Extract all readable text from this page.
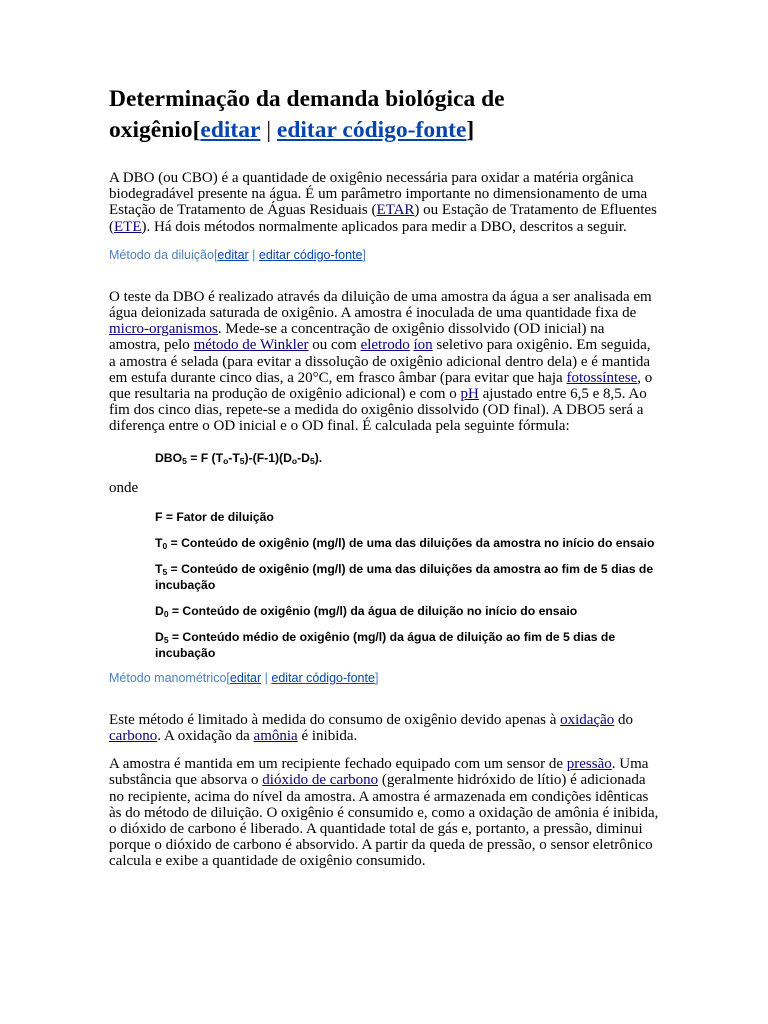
Determinação da demanda biológica de oxigênio[editar | editar código-fonte]

A DBO (ou CBO) é a quantidade de oxigênio necessária para oxidar a matéria orgânica biodegradável presente na água. É um parâmetro importante no dimensionamento de uma Estação de Tratamento de Águas Residuais (ETAR) ou Estação de Tratamento de Efluentes (ETE). Há dois métodos normalmente aplicados para medir a DBO, descritos a seguir.

Método da diluição[editar | editar código-fonte]

O teste da DBO é realizado através da diluição de uma amostra da água a ser analisada em água deionizada saturada de oxigênio. A amostra é inoculada de uma quantidade fixa de micro-organismos. Mede-se a concentração de oxigênio dissolvido (OD inicial) na amostra, pelo método de Winkler ou com eletrodo íon seletivo para oxigênio. Em seguida, a amostra é selada (para evitar a dissolução de oxigênio adicional dentro dela) e é mantida em estufa durante cinco dias, a 20°C, em frasco âmbar (para evitar que haja fotossíntese, o que resultaria na produção de oxigênio adicional) e com o pH ajustado entre 6,5 e 8,5. Ao fim dos cinco dias, repete-se a medida do oxigênio dissolvido (OD final). A DBO5 será a diferença entre o OD inicial e o OD final. É calculada pela seguinte fórmula:

$DBO_5 = F$ $(T_o-T_5)-(F-1)(D_o-D_5)$.

onde

F = Fator de diluição

$T_0$ = Conteúdo de oxigênio (mg/l) de uma das diluições da amostra no início do ensaio

$T_5$ = Conteúdo de oxigênio (mg/l) de uma das diluições da amostra ao fim de 5 dias de incubação

$D_0$ = Conteúdo de oxigênio (mg/l) da água de diluição no início do ensaio

$D_5$ = Conteúdo médio de oxigênio (mg/l) da água de diluição ao fim de 5 dias de incubação

Método manométrico[editar | editar código-fonte]

Este método é limitado à medida do consumo de oxigênio devido apenas à oxidação do carbono. A oxidação da amônia é inibida.

A amostra é mantida em um recipiente fechado equipado com um sensor de pressão. Uma substância que absorva o dióxido de carbono (geralmente hidróxido de lítio) é adicionada no recipiente, acima do nível da amostra. A amostra é armazenada em condições idênticas às do método de diluição. O oxigênio é consumido e, como a oxidação de amônia é inibida, o dióxido de carbono é liberado. A quantidade total de gás e, portanto, a pressão, diminui porque o dióxido de carbono é absorvido. A partir da queda de pressão, o sensor eletrônico calcula e exibe a quantidade de oxigênio consumido.
